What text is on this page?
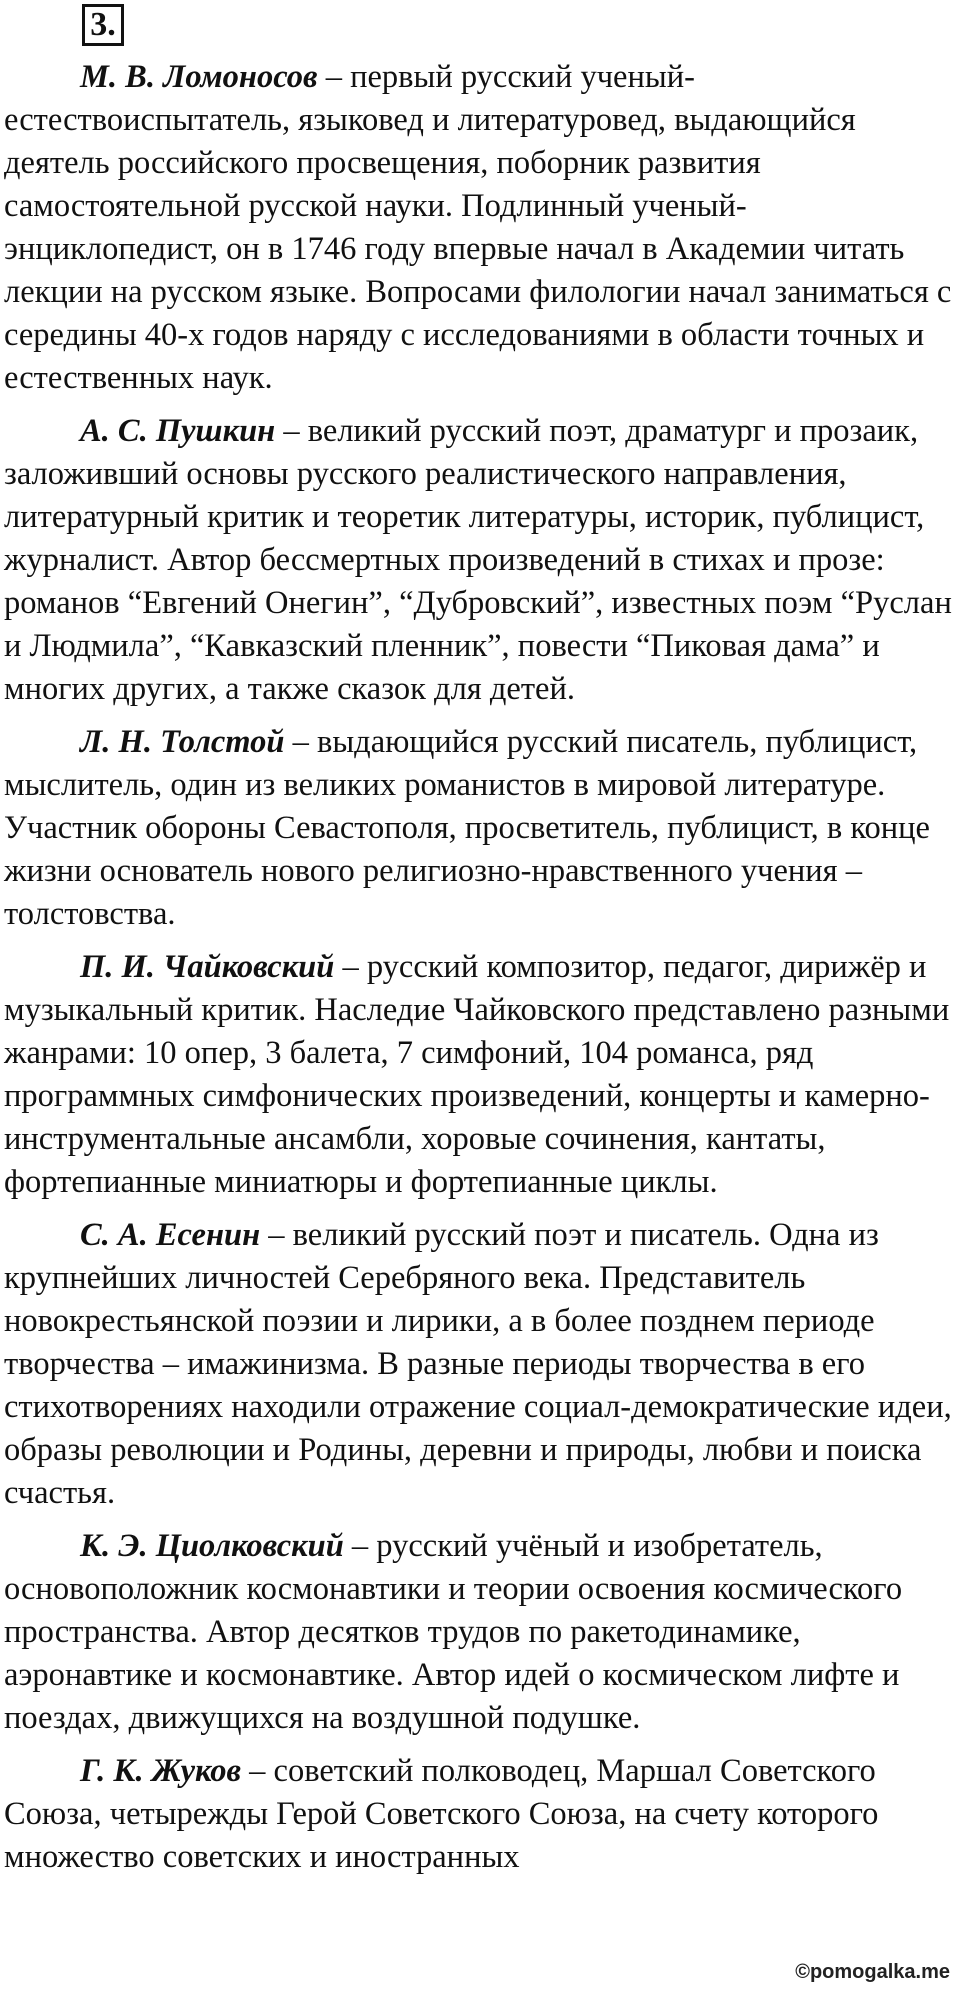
3.

М. В. Ломоносов – первый русский ученый-естествоиспытатель, языковед и литературовед, выдающийся деятель российского просвещения, поборник развития самостоятельной русской науки. Подлинный ученый-энциклопедист, он в 1746 году впервые начал в Академии читать лекции на русском языке. Вопросами филологии начал заниматься с середины 40-х годов наряду с исследованиями в области точных и естественных наук.

А. С. Пушкин – великий русский поэт, драматург и прозаик, заложивший основы русского реалистического направления, литературный критик и теоретик литературы, историк, публицист, журналист. Автор бессмертных произведений в стихах и прозе: романов “Евгений Онегин”, “Дубровский”, известных поэм “Руслан и Людмила”, “Кавказский пленник”, повести “Пиковая дама” и многих других, а также сказок для детей.

Л. Н. Толстой – выдающийся русский писатель, публицист, мыслитель, один из великих романистов в мировой литературе. Участник обороны Севастополя, просветитель, публицист, в конце жизни основатель нового религиозно-нравственного учения – толстовства.

П. И. Чайковский – русский композитор, педагог, дирижёр и музыкальный критик. Наследие Чайковского представлено разными жанрами: 10 опер, 3 балета, 7 симфоний, 104 романса, ряд программных симфонических произведений, концерты и камерно-инструментальные ансамбли, хоровые сочинения, кантаты, фортепианные миниатюры и фортепианные циклы.

С. А. Есенин – великий русский поэт и писатель. Одна из крупнейших личностей Серебряного века. Представитель новокрестьянской поэзии и лирики, а в более позднем периоде творчества – имажинизма. В разные периоды творчества в его стихотворениях находили отражение социал-демократические идеи, образы революции и Родины, деревни и природы, любви и поиска счастья.

К. Э. Циолковский – русский учёный и изобретатель, основоположник космонавтики и теории освоения космического пространства. Автор десятков трудов по ракетодинамике, аэронавтике и космонавтике. Автор идей о космическом лифте и поездах, движущихся на воздушной подушке.

Г. К. Жуков – советский полководец, Маршал Советского Союза, четырежды Герой Советского Союза, на счету которого множество советских и иностранных

©pomogalka.me
